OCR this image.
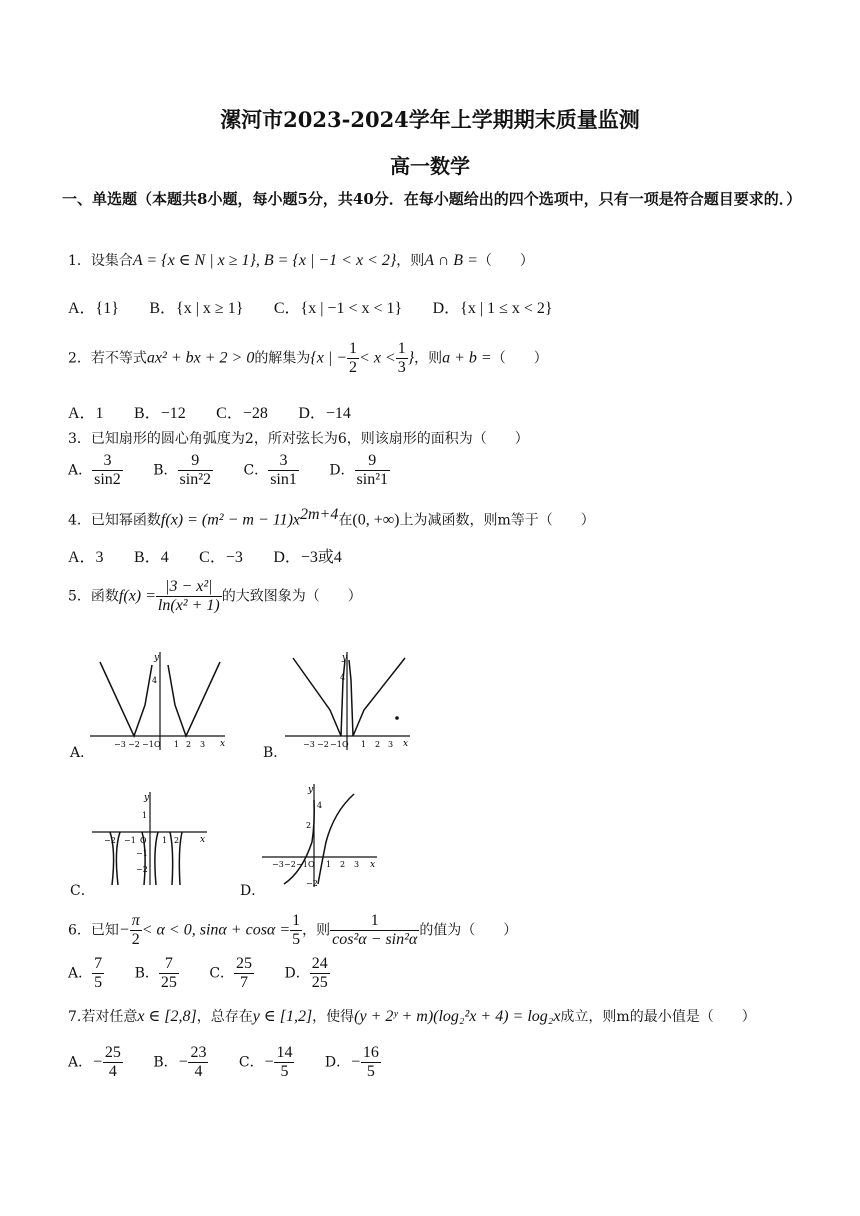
漯河市2023-2024学年上学期期末质量监测
高一数学
一、单选题（本题共8小题，每小题5分，共40分．在每小题给出的四个选项中，只有一项是符合题目要求的．）
1．设集合A = {x ∈ N | x ≥ 1}, B = {x | −1 < x < 2}，则A ∩ B =（　　）
A．{1} B．{x | x ≥ 1} C．{x | −1 < x < 1} D．{x | 1 ≤ x < 2}
2．若不等式ax² + bx + 2 > 0的解集为{x | − $\frac{1}{2} < x < \frac{1}{3}$ }，则a + b =（　　）
A．1 B．−12 C．−28 D．−14
3．已知扇形的圆心角弧度为2，所对弦长为6，则该扇形的面积为（　　）
A． $\frac{3}{\sin 2}$ B． $\frac{9}{\text{sin²2}}$ C． $\frac{3}{\sin 1}$ D． $\frac{9}{\text{sin²1}}$
4．已知幂函数$f(x) = (m^2 - m - 11)x^{2m+4}$在(0, +∞)上为减函数，则m等于（　　）
A．3 B．4 C．−3 D．−3或4
5．函数$f(x) = \frac{\text{|3 − x²|}}{\text{ln(x² + 1)}}$ 的大致图象为（　　）
A．	B．
C．	D．
y
x
4
−3 −2 −1 O 1 2 3
y
x
4
−3 −2 −1 O 1 2 3
y
x
1
−1
−2
−2 −1 O 1 2
y
x
4
2
−2
−3 −2 −1 O 1 2 3
6．已知− $\frac{\pi}{2} < \alpha < 0$, $\sin\alpha + \cos\alpha = \frac{1}{5}$ ，则 $\frac{1}{\text{cos²α − sin²α}}$ 的值为（　　）
A． $\frac{7}{5}$ B． $\frac{7}{25}$ C． $\frac{25}{7}$ D． $\frac{24}{25}$
7.若对任意x ∈ [2,8]，总存在y ∈ [1,2]，使得(y + 2ʸ + m)(log₂²x + 4) = log₂x成立，则m的最小值是（　　）
A．− $\frac{25}{4}$ B．− $\frac{23}{4}$ C．− $\frac{14}{5}$ D．− $\frac{16}{5}$
